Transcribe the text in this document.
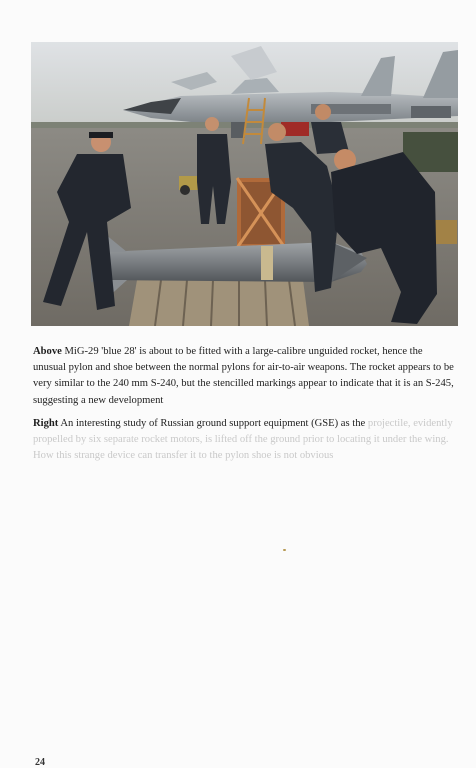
Above MiG-29 'blue 28' is about to be fitted with a large-calibre unguided rocket, hence the unusual pylon and shoe between the normal pylons for air-to-air weapons. The rocket appears to be very similar to the 240 mm S-240, but the stencilled markings appear to indicate that it is an S-245, suggesting a new development

Right An interesting study of Russian ground support equipment (GSE) as the projectile, evidently propelled by six separate rocket motors, is lifted off the ground prior to locating it under the wing. How this strange device can transfer it to the pylon shoe is not obvious

24
